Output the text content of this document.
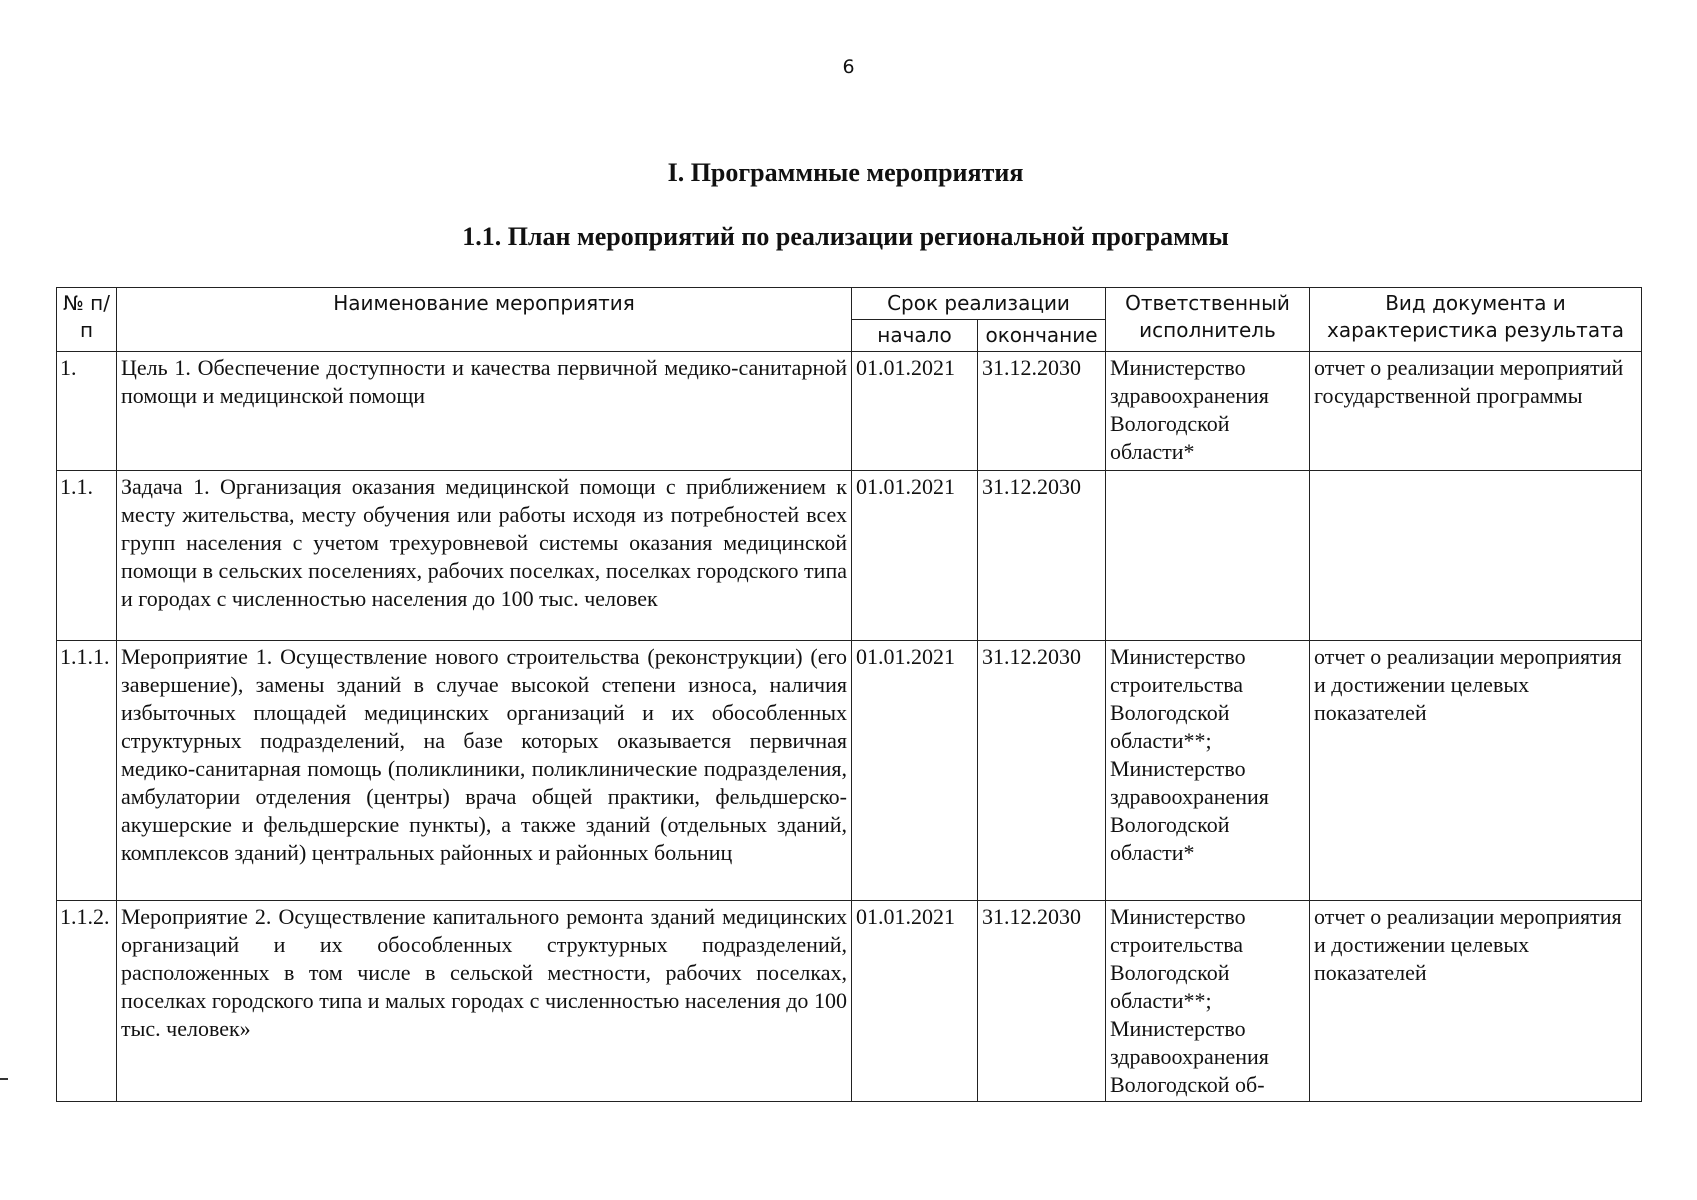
6
I. Программные мероприятия
1.1. План мероприятий по реализации региональной программы
№ п/п	Наименование мероприятия	Срок реализации		Ответственный исполнитель	Вид документа и характеристика результата
		начало	окончание		
1.	Цель 1. Обеспечение доступности и качества первичной медико-санитарной помощи и медицинской помощи	01.01.2021	31.12.2030	Министерство здравоохранения Вологодской области*	отчет о реализации мероприятий государственной программы
1.1.	Задача 1. Организация оказания медицинской помощи с приближением к месту жительства, месту обучения или работы исходя из потребностей всех групп населения с учетом трехуровневой системы оказания медицинской помощи в сельских поселениях, рабочих поселках, поселках городского типа и городах с численностью населения до 100 тыс. человек	01.01.2021	31.12.2030		
1.1.1.	Мероприятие 1. Осуществление нового строительства (реконструкции) (его завершение), замены зданий в случае высокой степени износа, наличия избыточных площадей медицинских организаций и их обособленных структурных подразделений, на базе которых оказывается первичная медико-санитарная помощь (поликлиники, поликлинические подразделения, амбулатории отделения (центры) врача общей практики, фельдшерско-акушерские и фельдшерские пункты), а также зданий (отдельных зданий, комплексов зданий) центральных районных и районных больниц	01.01.2021	31.12.2030	Министерство строительства Вологодской области**; Министерство здравоохранения Вологодской области*	отчет о реализации мероприятия и достижении целевых показателей
1.1.2.	Мероприятие 2. Осуществление капитального ремонта зданий медицинских организаций и их обособленных структурных подразделений, расположенных в том числе в сельской местности, рабочих поселках, поселках городского типа и малых городах с численностью населения до 100 тыс. человек»	01.01.2021	31.12.2030	Министерство строительства Вологодской области**; Министерство здравоохранения Вологодской об-	отчет о реализации мероприятия и достижении целевых показателей
